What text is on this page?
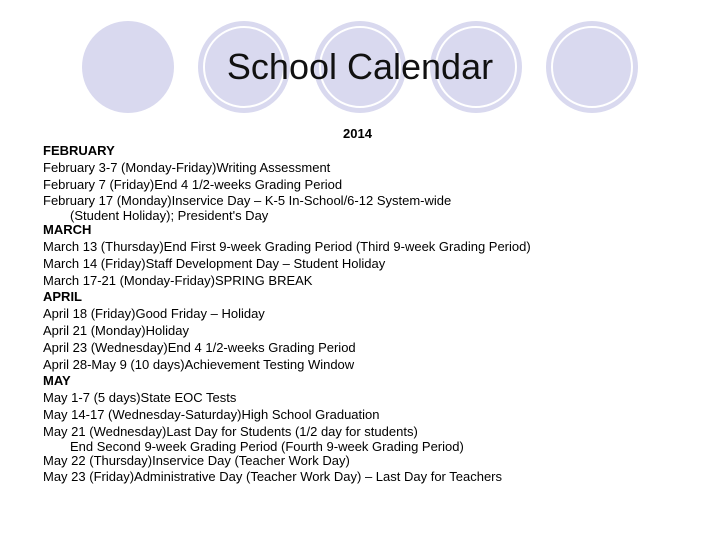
School Calendar
2014
FEBRUARY
February 3-7 (Monday-Friday)Writing Assessment
February 7 (Friday)End 4 1/2-weeks Grading Period
February 17 (Monday)Inservice Day – K-5 In-School/6-12 System-wide
(Student Holiday); President's Day
MARCH
March 13 (Thursday)End First 9-week Grading Period (Third 9-week Grading Period)
March 14 (Friday)Staff Development Day – Student Holiday
March 17-21 (Monday-Friday)SPRING BREAK
APRIL
April 18 (Friday)Good Friday – Holiday
April 21 (Monday)Holiday
April 23 (Wednesday)End 4 1/2-weeks Grading Period
April 28-May 9 (10 days)Achievement Testing Window
MAY
May 1-7 (5 days)State EOC Tests
May 14-17 (Wednesday-Saturday)High School Graduation
May 21 (Wednesday)Last Day for Students (1/2 day for students)
End Second 9-week Grading Period (Fourth 9-week Grading Period)
May 22 (Thursday)Inservice Day (Teacher Work Day)
May 23 (Friday)Administrative Day (Teacher Work Day) – Last Day for Teachers
